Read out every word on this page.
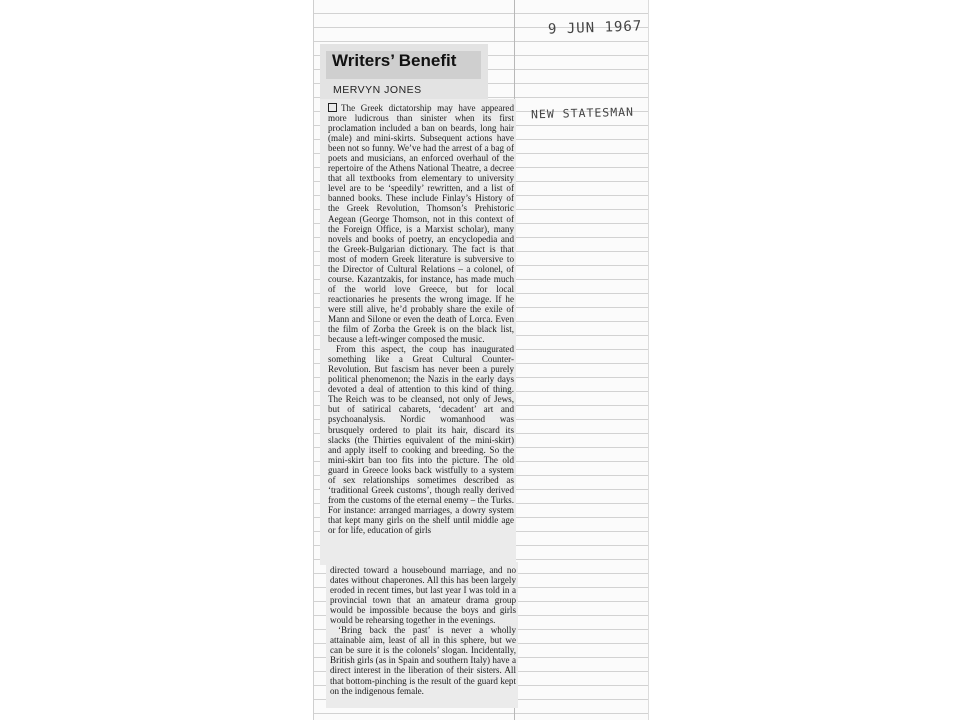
9 JUN 1967
NEW STATESMAN
Writers’ Benefit
MERVYN JONES

The Greek dictatorship may have appeared more ludicrous than sinister when its first proclamation included a ban on beards, long hair (male) and mini-skirts. Subsequent actions have been not so funny. We’ve had the arrest of a bag of poets and musicians, an enforced overhaul of the repertoire of the Athens National Theatre, a decree that all textbooks from elementary to university level are to be ‘speedily’ rewritten, and a list of banned books. These include Finlay’s History of the Greek Revolution, Thomson’s Prehistoric Aegean (George Thomson, not in this context of the Foreign Office, is a Marxist scholar), many novels and books of poetry, an encyclopedia and the Greek-Bulgarian dictionary. The fact is that most of modern Greek literature is subversive to the Director of Cultural Relations – a colonel, of course. Kazantzakis, for instance, has made much of the world love Greece, but for local reactionaries he presents the wrong image. If he were still alive, he’d probably share the exile of Mann and Silone or even the death of Lorca. Even the film of Zorba the Greek is on the black list, because a left-winger composed the music.

From this aspect, the coup has inaugurated something like a Great Cultural Counter-Revolution. But fascism has never been a purely political phenomenon; the Nazis in the early days devoted a deal of attention to this kind of thing. The Reich was to be cleansed, not only of Jews, but of satirical cabarets, ‘decadent’ art and psychoanalysis. Nordic womanhood was brusquely ordered to plait its hair, discard its slacks (the Thirties equivalent of the mini-skirt) and apply itself to cooking and breeding. So the mini-skirt ban too fits into the picture. The old guard in Greece looks back wistfully to a system of sex relationships sometimes described as ‘traditional Greek customs’, though really derived from the customs of the eternal enemy – the Turks. For instance: arranged marriages, a dowry system that kept many girls on the shelf until middle age or for life, education of girls

directed toward a housebound marriage, and no dates without chaperones. All this has been largely eroded in recent times, but last year I was told in a provincial town that an amateur drama group would be impossible because the boys and girls would be rehearsing together in the evenings.

‘Bring back the past’ is never a wholly attainable aim, least of all in this sphere, but we can be sure it is the colonels’ slogan. Incidentally, British girls (as in Spain and southern Italy) have a direct interest in the liberation of their sisters. All that bottom-pinching is the result of the guard kept on the indigenous female.
